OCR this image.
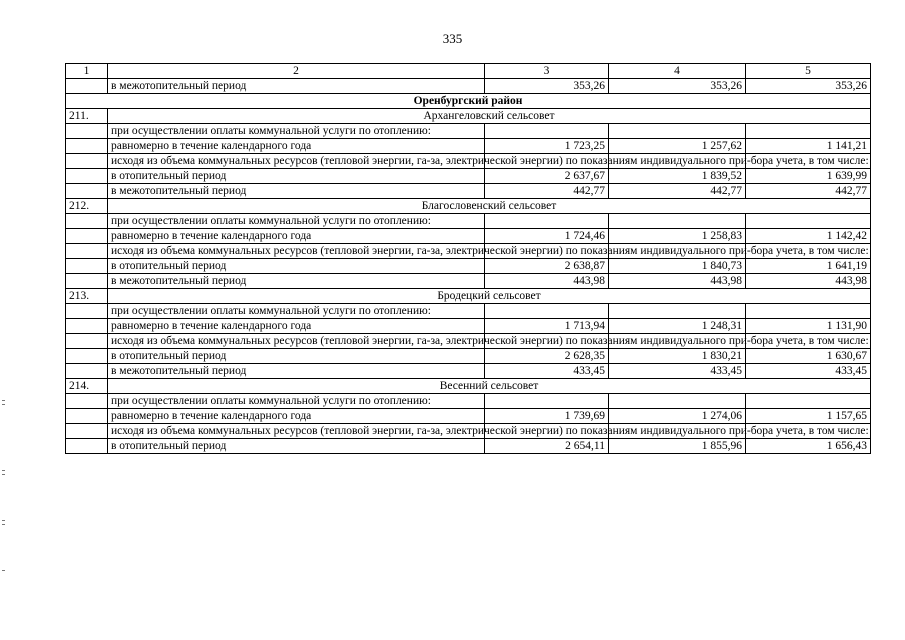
335
1	2	3	4	5
	в межотопительный период	353,26	353,26	353,26
Оренбургский район				
211.	Архангеловский сельсовет			
	при осуществлении оплаты коммунальной услуги по отоплению:			
	равномерно в течение календарного года	1 723,25	1 257,62	1 141,21
	исходя из объема коммунальных ресурсов (тепловой энергии, га-за, электрической энергии) по показаниям индивидуального при-бора учета, в том числе:			
	в отопительный период	2 637,67	1 839,52	1 639,99
	в межотопительный период	442,77	442,77	442,77
212.	Благословенский сельсовет			
	при осуществлении оплаты коммунальной услуги по отоплению:			
	равномерно в течение календарного года	1 724,46	1 258,83	1 142,42
	исходя из объема коммунальных ресурсов (тепловой энергии, га-за, электрической энергии) по показаниям индивидуального при-бора учета, в том числе:			
	в отопительный период	2 638,87	1 840,73	1 641,19
	в межотопительный период	443,98	443,98	443,98
213.	Бродецкий сельсовет			
	при осуществлении оплаты коммунальной услуги по отоплению:			
	равномерно в течение календарного года	1 713,94	1 248,31	1 131,90
	исходя из объема коммунальных ресурсов (тепловой энергии, га-за, электрической энергии) по показаниям индивидуального при-бора учета, в том числе:			
	в отопительный период	2 628,35	1 830,21	1 630,67
	в межотопительный период	433,45	433,45	433,45
214.	Весенний сельсовет			
	при осуществлении оплаты коммунальной услуги по отоплению:			
	равномерно в течение календарного года	1 739,69	1 274,06	1 157,65
	исходя из объема коммунальных ресурсов (тепловой энергии, га-за, электрической энергии) по показаниям индивидуального при-бора учета, в том числе:			
	в отопительный период	2 654,11	1 855,96	1 656,43
